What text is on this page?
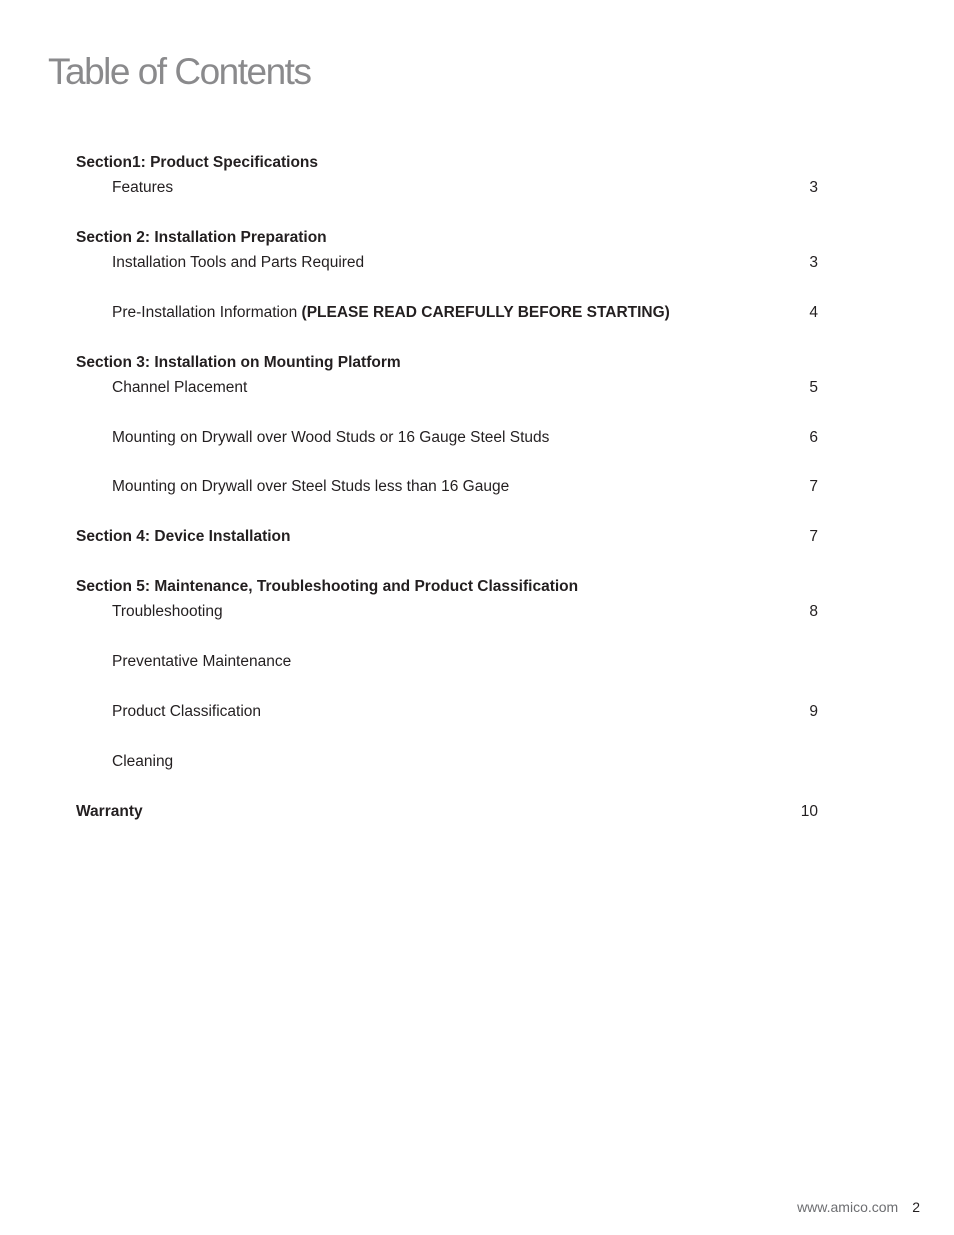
Table of Contents
Section1: Product Specifications
Features	3
Section 2: Installation Preparation
Installation Tools and Parts Required	3
Pre-Installation Information (PLEASE READ CAREFULLY BEFORE STARTING)	4
Section 3: Installation on Mounting Platform
Channel Placement	5
Mounting on Drywall over Wood Studs or 16 Gauge Steel Studs	6
Mounting on Drywall over Steel Studs less than 16 Gauge	7
Section 4: Device Installation	7
Section 5: Maintenance, Troubleshooting and Product Classification
Troubleshooting	8
Preventative Maintenance
Product Classification	9
Cleaning
Warranty	10
www.amico.com 2
